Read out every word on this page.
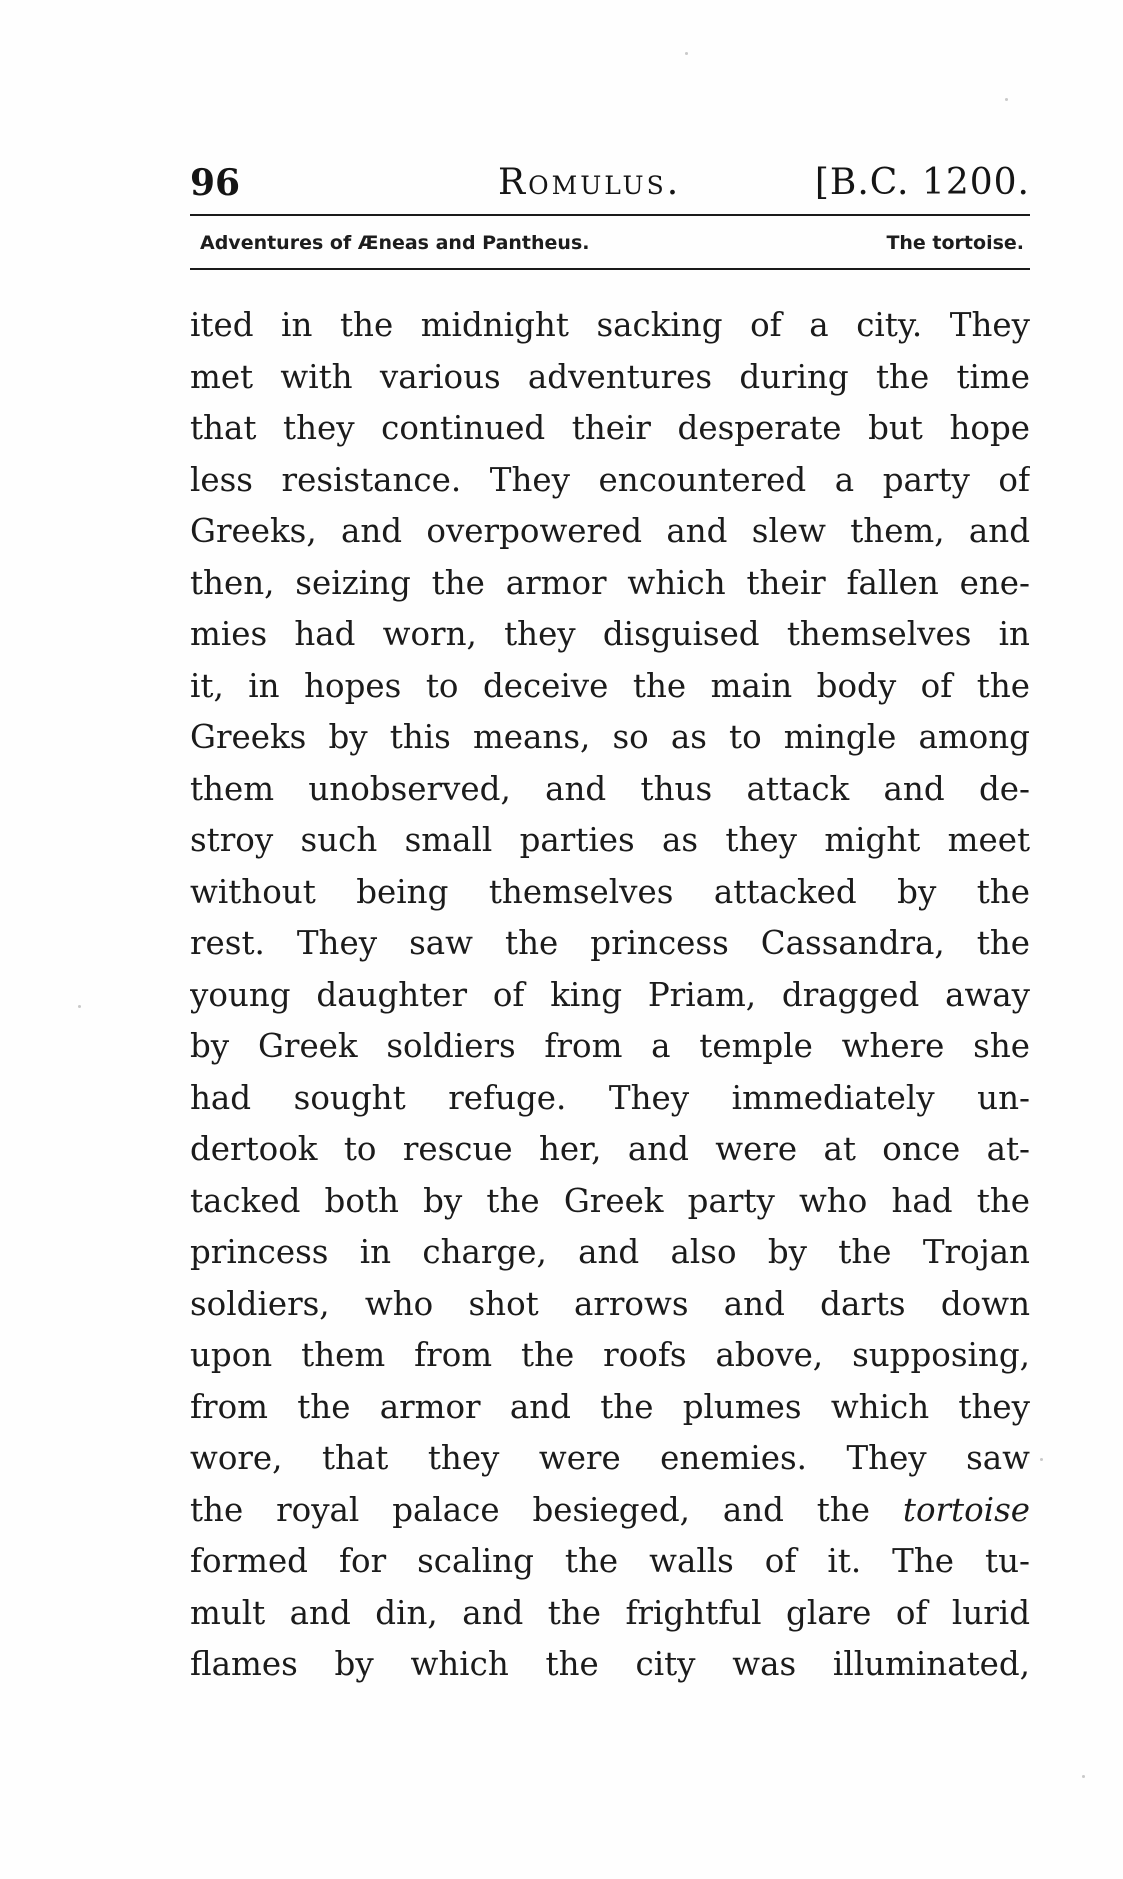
96	Romulus.	[B.C. 1200.
Adventures of Æneas and Pantheus.	The tortoise.
ited in the midnight sacking of a city. They
met with various adventures during the time
that they continued their desperate but hope
less resistance. They encountered a party of
Greeks, and overpowered and slew them, and
then, seizing the armor which their fallen ene-
mies had worn, they disguised themselves in
it, in hopes to deceive the main body of the
Greeks by this means, so as to mingle among
them unobserved, and thus attack and de-
stroy such small parties as they might meet
without being themselves attacked by the
rest. They saw the princess Cassandra, the
young daughter of king Priam, dragged away
by Greek soldiers from a temple where she
had sought refuge. They immediately un-
dertook to rescue her, and were at once at-
tacked both by the Greek party who had the
princess in charge, and also by the Trojan
soldiers, who shot arrows and darts down
upon them from the roofs above, supposing,
from the armor and the plumes which they
wore, that they were enemies. They saw
the royal palace besieged, and the tortoise
formed for scaling the walls of it. The tu-
mult and din, and the frightful glare of lurid
flames by which the city was illuminated,
